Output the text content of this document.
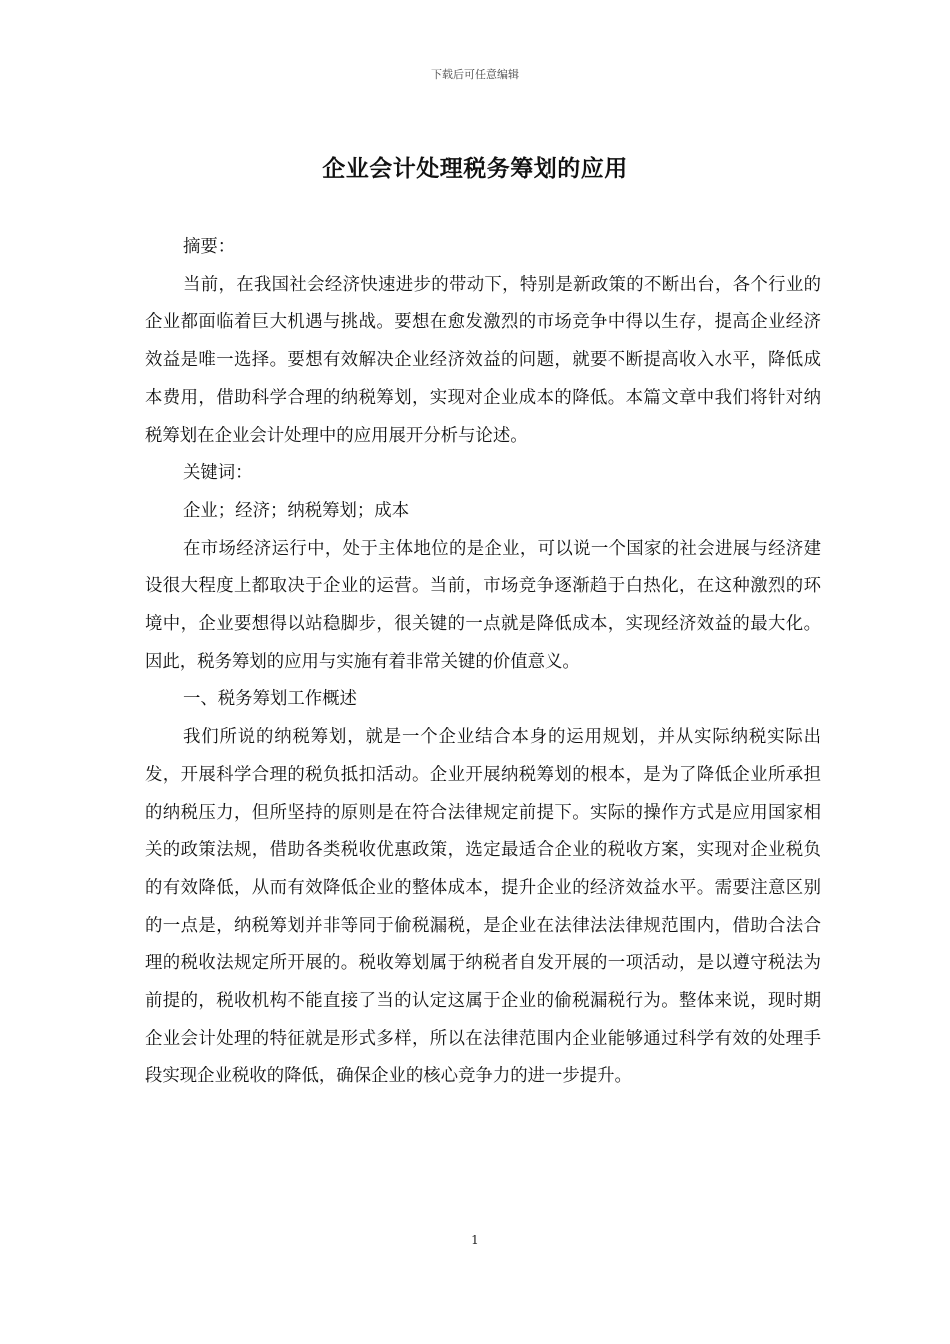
下载后可任意编辑
企业会计处理税务筹划的应用

摘要：

当前，在我国社会经济快速进步的带动下，特别是新政策的不断出台，各个行业的企业都面临着巨大机遇与挑战。要想在愈发激烈的市场竞争中得以生存，提高企业经济效益是唯一选择。要想有效解决企业经济效益的问题，就要不断提高收入水平，降低成本费用，借助科学合理的纳税筹划，实现对企业成本的降低。本篇文章中我们将针对纳税筹划在企业会计处理中的应用展开分析与论述。

关键词：

企业；经济；纳税筹划；成本

在市场经济运行中，处于主体地位的是企业，可以说一个国家的社会进展与经济建设很大程度上都取决于企业的运营。当前，市场竞争逐渐趋于白热化，在这种激烈的环境中，企业要想得以站稳脚步，很关键的一点就是降低成本，实现经济效益的最大化。因此，税务筹划的应用与实施有着非常关键的价值意义。

一、税务筹划工作概述

我们所说的纳税筹划，就是一个企业结合本身的运用规划，并从实际纳税实际出发，开展科学合理的税负抵扣活动。企业开展纳税筹划的根本，是为了降低企业所承担的纳税压力，但所坚持的原则是在符合法律规定前提下。实际的操作方式是应用国家相关的政策法规，借助各类税收优惠政策，选定最适合企业的税收方案，实现对企业税负的有效降低，从而有效降低企业的整体成本，提升企业的经济效益水平。需要注意区别的一点是，纳税筹划并非等同于偷税漏税，是企业在法律法法律规范围内，借助合法合理的税收法规定所开展的。税收筹划属于纳税者自发开展的一项活动，是以遵守税法为前提的，税收机构不能直接了当的认定这属于企业的偷税漏税行为。整体来说，现时期企业会计处理的特征就是形式多样，所以在法律范围内企业能够通过科学有效的处理手段实现企业税收的降低，确保企业的核心竞争力的进一步提升。

1
